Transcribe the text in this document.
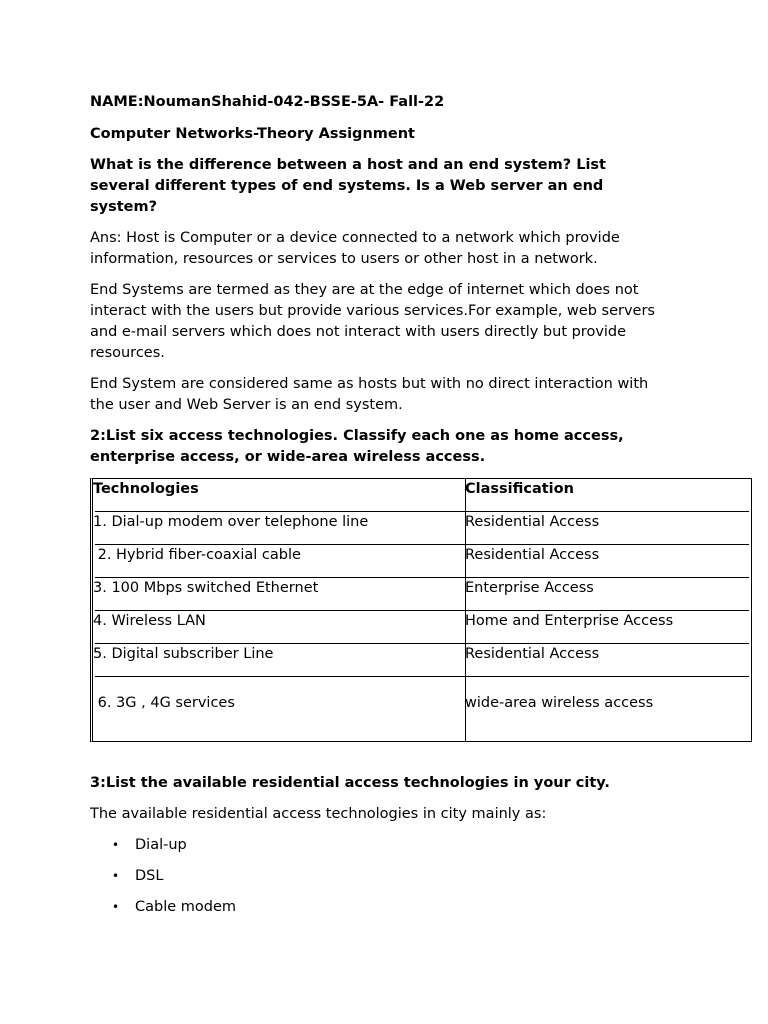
NAME:NoumanShahid-042-BSSE-5A- Fall-22

Computer Networks-Theory Assignment

What is the difference between a host and an end system? List

several different types of end systems. Is a Web server an end

system?

Ans: Host is Computer or a device connected to a network which provide

information, resources or services to users or other host in a network.

End Systems are termed as they are at the edge of internet which does not

interact with the users but provide various services.For example, web servers

and e-mail servers which does not interact with users directly but provide

resources.

End System are considered same as hosts but with no direct interaction with

the user and Web Server is an end system.

2:List six access technologies. Classify each one as home access,

enterprise access, or wide-area wireless access.

Technologies	Classification
1. Dial-up modem over telephone line	Residential Access
2. Hybrid fiber-coaxial cable	Residential Access
3. 100 Mbps switched Ethernet	Enterprise Access
4. Wireless LAN	Home and Enterprise Access
5. Digital subscriber Line	Residential Access
6. 3G , 4G services	wide-area wireless access

3:List the available residential access technologies in your city.

The available residential access technologies in city mainly as:

• Dial-up
• DSL
• Cable modem
